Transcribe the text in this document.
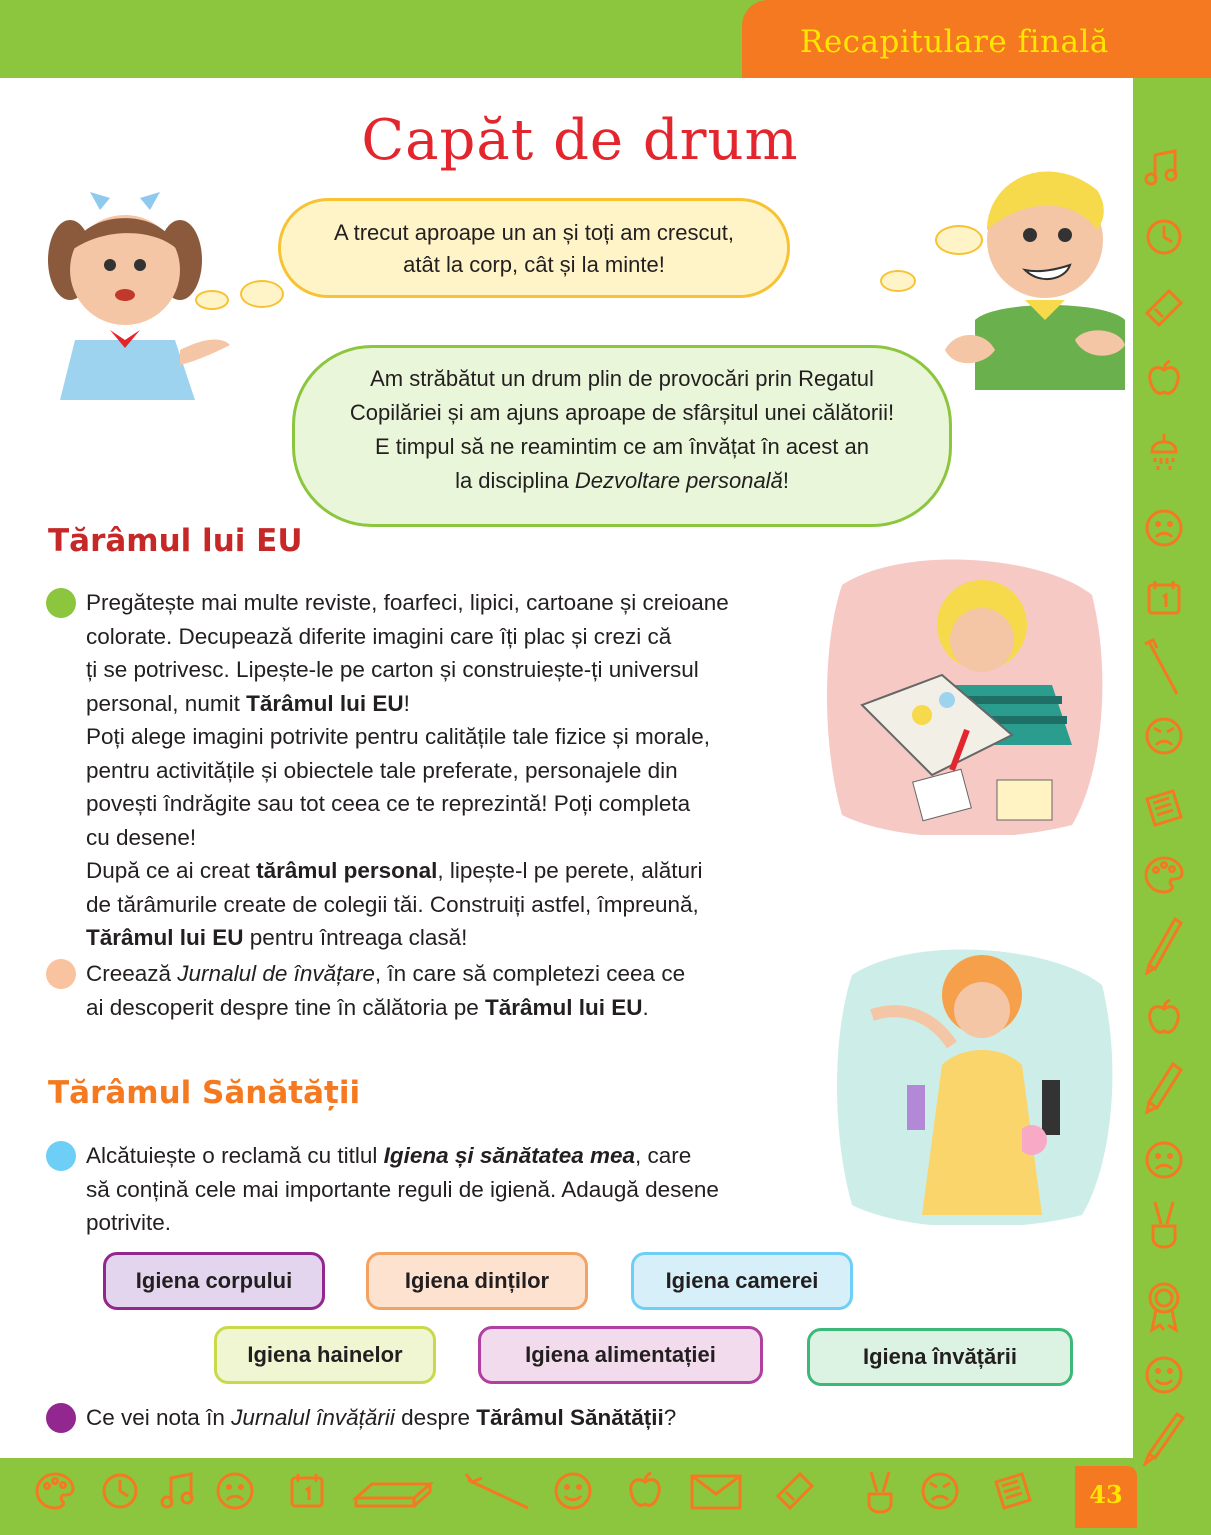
Recapitulare finală
43
Capăt de drum
A trecut aproape un an și toți am crescut,
atât la corp, cât și la minte!
Am străbătut un drum plin de provocări prin Regatul
Copilăriei și am ajuns aproape de sfârșitul unei călătorii!
E timpul să ne reamintim ce am învățat în acest an
la disciplina Dezvoltare personală!
Tărâmul lui EU
Pregătește mai multe reviste, foarfeci, lipici, cartoane și creioane
colorate. Decupează diferite imagini care îți plac și crezi că
ți se potrivesc. Lipește-le pe carton și construiește-ți universul
personal, numit Tărâmul lui EU!
Poți alege imagini potrivite pentru calitățile tale fizice și morale,
pentru activitățile și obiectele tale preferate, personajele din
povești îndrăgite sau tot ceea ce te reprezintă! Poți completa
cu desene!
După ce ai creat tărâmul personal, lipește-l pe perete, alături
de tărâmurile create de colegii tăi. Construiți astfel, împreună,
Tărâmul lui EU pentru întreaga clasă!
Creează Jurnalul de învățare, în care să completezi ceea ce
ai descoperit despre tine în călătoria pe Tărâmul lui EU.
Tărâmul Sănătății
Alcătuiește o reclamă cu titlul Igiena și sănătatea mea, care
să conțină cele mai importante reguli de igienă. Adaugă desene
potrivite.
Igiena corpului	Igiena dinților	Igiena camerei
Igiena hainelor	Igiena alimentației	Igiena învățării
Ce vei nota în Jurnalul învățării despre Tărâmul Sănătății?
